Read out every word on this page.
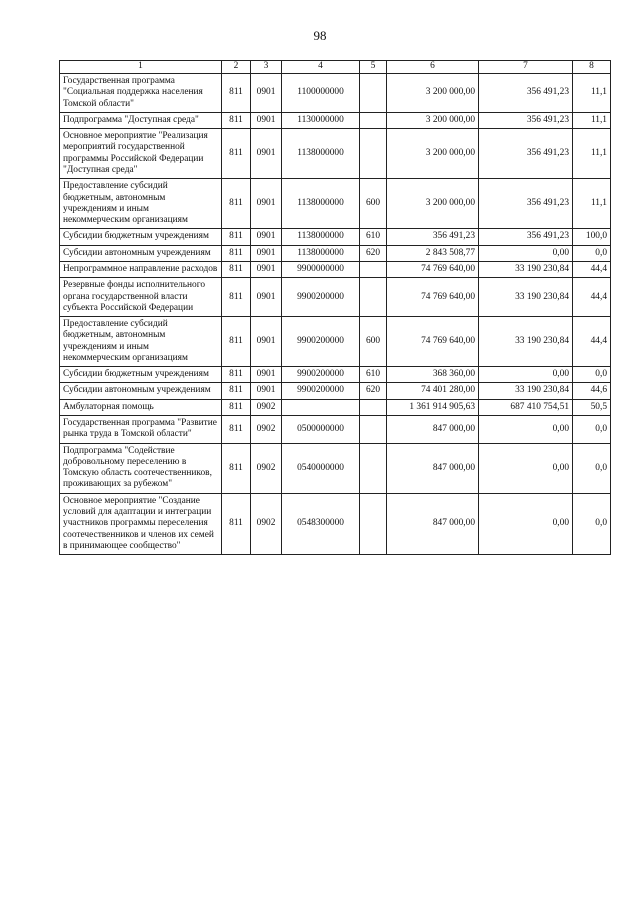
98
1	2	3	4	5	6	7	8
Государственная программа "Социальная поддержка населения Томской области"	811	0901	1100000000		3 200 000,00	356 491,23	11,1
Подпрограмма "Доступная среда"	811	0901	1130000000		3 200 000,00	356 491,23	11,1
Основное мероприятие "Реализация мероприятий государственной программы Российской Федерации "Доступная среда"	811	0901	1138000000		3 200 000,00	356 491,23	11,1
Предоставление субсидий бюджетным, автономным учреждениям и иным некоммерческим организациям	811	0901	1138000000	600	3 200 000,00	356 491,23	11,1
Субсидии бюджетным учреждениям	811	0901	1138000000	610	356 491,23	356 491,23	100,0
Субсидии автономным учреждениям	811	0901	1138000000	620	2 843 508,77	0,00	0,0
Непрограммное направление расходов	811	0901	9900000000		74 769 640,00	33 190 230,84	44,4
Резервные фонды исполнительного органа государственной власти субъекта Российской Федерации	811	0901	9900200000		74 769 640,00	33 190 230,84	44,4
Предоставление субсидий бюджетным, автономным учреждениям и иным некоммерческим организациям	811	0901	9900200000	600	74 769 640,00	33 190 230,84	44,4
Субсидии бюджетным учреждениям	811	0901	9900200000	610	368 360,00	0,00	0,0
Субсидии автономным учреждениям	811	0901	9900200000	620	74 401 280,00	33 190 230,84	44,6
Амбулаторная помощь	811	0902			1 361 914 905,63	687 410 754,51	50,5
Государственная программа "Развитие рынка труда в Томской области"	811	0902	0500000000		847 000,00	0,00	0,0
Подпрограмма "Содействие добровольному переселению в Томскую область соотечественников, проживающих за рубежом"	811	0902	0540000000		847 000,00	0,00	0,0
Основное мероприятие "Создание условий для адаптации и интеграции участников программы переселения соотечественников и членов их семей в принимающее сообщество"	811	0902	0548300000		847 000,00	0,00	0,0
